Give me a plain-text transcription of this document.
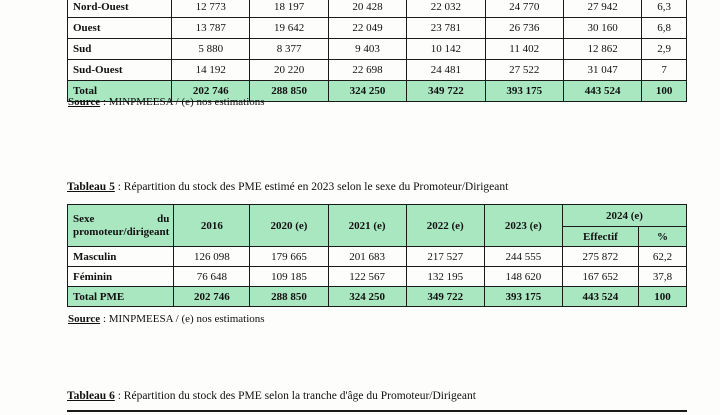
Nord-Ouest	12 773	18 197	20 428	22 032	24 770	27 942	6,3
Ouest	13 787	19 642	22 049	23 781	26 736	30 160	6,8
Sud	5 880	8 377	9 403	10 142	11 402	12 862	2,9
Sud-Ouest	14 192	20 220	22 698	24 481	27 522	31 047	7
Total	202 746	288 850	324 250	349 722	393 175	443 524	100
Source : MINPMEESA / (e) nos estimations
Tableau 5 : Répartition du stock des PME estimé en 2023 selon le sexe du Promoteur/Dirigeant
Sexe du
promoteur/dirigeant	2016	2020 (e)	2021 (e)	2022 (e)	2023 (e)	2024 (e)	
						Effectif	%
Masculin	126 098	179 665	201 683	217 527	244 555	275 872	62,2
Féminin	76 648	109 185	122 567	132 195	148 620	167 652	37,8
Total PME	202 746	288 850	324 250	349 722	393 175	443 524	100
Source : MINPMEESA / (e) nos estimations
Tableau 6 : Répartition du stock des PME selon la tranche d'âge du Promoteur/Dirigeant
